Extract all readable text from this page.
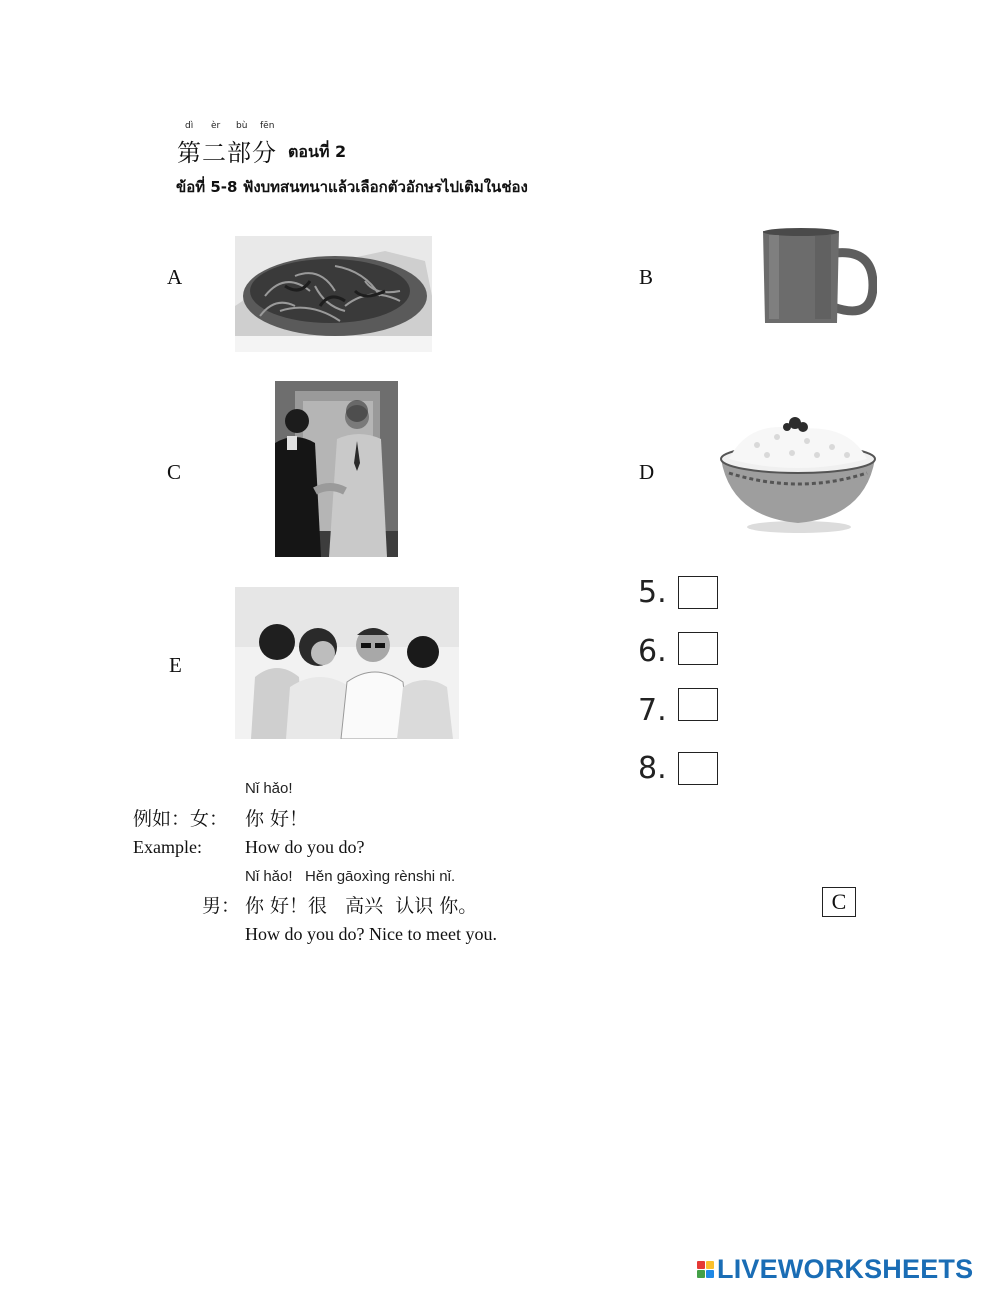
dì èr bù fēn
第二部分 ตอนที่ 2
ข้อที่ 5-8 ฟังบทสนทนาแล้วเลือกตัวอักษรไปเติมในช่อง
A	B
C	D
E
5.
6.
7.
8.
Nǐ hǎo!
例如：女： 你 好！
Example: How do you do?
Nǐ hǎo!   Hěn gāoxìng rènshi nǐ.
男： 你 好！很   高兴  认识 你。
How do you do? Nice to meet you.
C
LIVEWORKSHEETS
